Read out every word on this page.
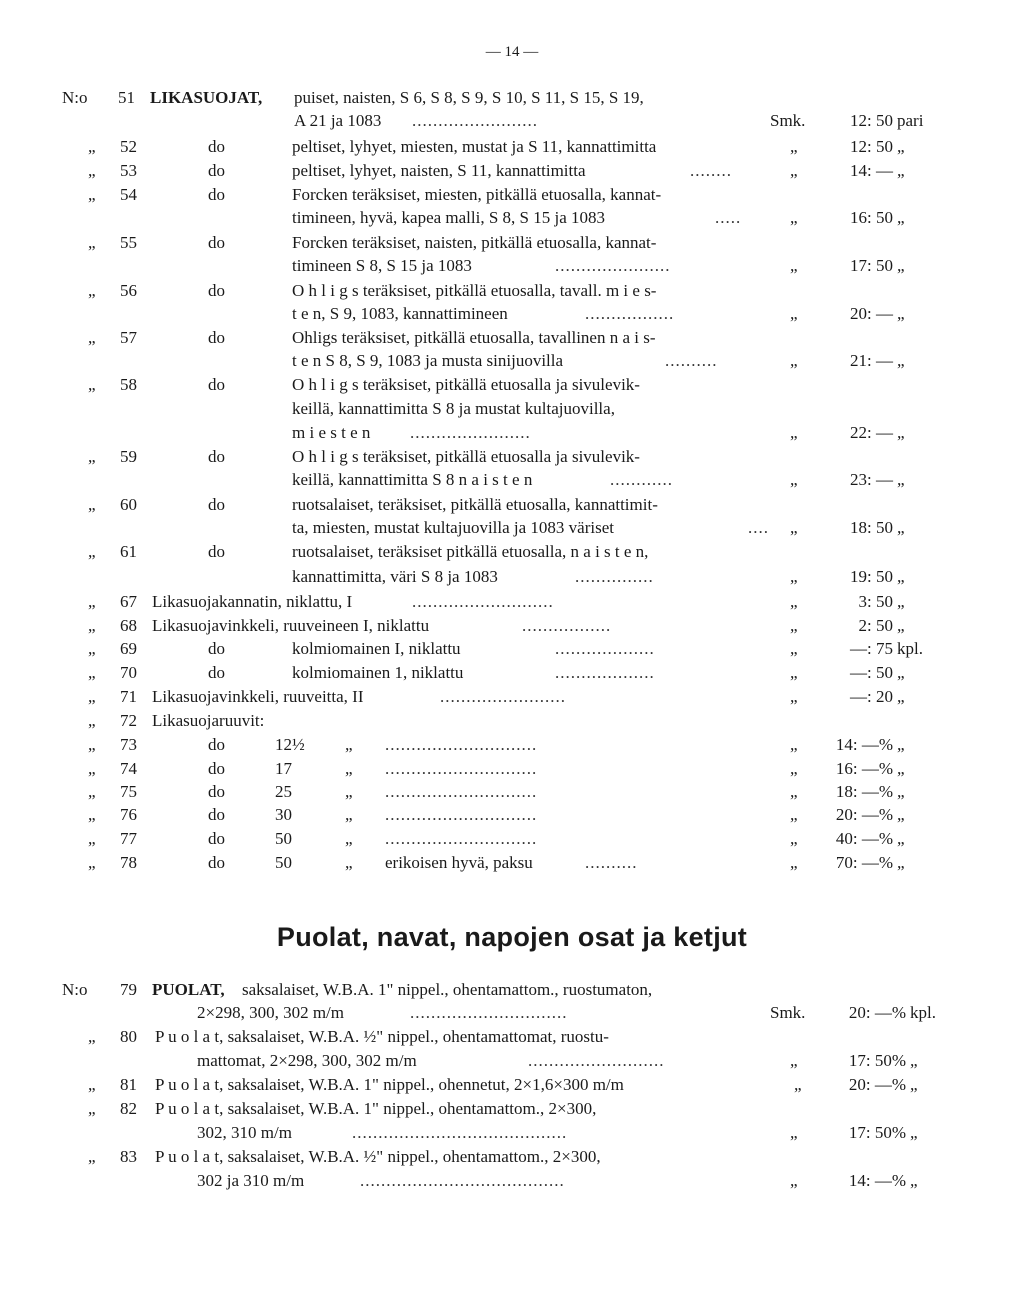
— 14 —
N:o 51 LIKASUOJAT, puiset, naisten, S 6, S 8, S 9, S 10, S 11, S 15, S 19,
A 21 ja 1083 ........................	Smk.	12: 50 pari
„ 52	do	peltiset, lyhyet, miesten, mustat ja S 11, kannattimitta	„	12: 50 „
„ 53	do	peltiset, lyhyet, naisten, S 11, kannattimitta	........	„	14: — „
„ 54	do	Forcken teräksiset, miesten, pitkällä etuosalla, kannat-
timineen, hyvä, kapea malli, S 8, S 15 ja 1083	.....	„	16: 50 „
„ 55	do	Forcken teräksiset, naisten, pitkällä etuosalla, kannat-
timineen S 8, S 15 ja 1083	......................	„	17: 50 „
„ 56	do	O h l i g s teräksiset, pitkällä etuosalla, tavall. m i e s-
t e n, S 9, 1083, kannattimineen	.................	„	20: — „
„ 57	do	Ohligs teräksiset, pitkällä etuosalla, tavallinen n a i s-
t e n S 8, S 9, 1083 ja musta sinijuovilla	..........	„	21: — „
„ 58	do	O h l i g s teräksiset, pitkällä etuosalla ja sivulevik-
keillä, kannattimitta S 8 ja mustat kultajuovilla,
m i e s t e n .......................	„	22: — „
„ 59	do	O h l i g s teräksiset, pitkällä etuosalla ja sivulevik-
keillä, kannattimitta S 8 n a i s t e n	............	„	23: — „
„ 60	do	ruotsalaiset, teräksiset, pitkällä etuosalla, kannattimit-
ta, miesten, mustat kultajuovilla ja 1083 väriset	.... „	18: 50 „
„ 61	do	ruotsalaiset, teräksiset pitkällä etuosalla, n a i s t e n,
kannattimitta, väri S 8 ja 1083	...............	„	19: 50 „
„ 67 Likasuojakannatin, niklattu, I	...........................	„	3: 50 „
„ 68 Likasuojavinkkeli, ruuveineen I, niklattu	.................	„	2: 50 „
„ 69	do	kolmiomainen I, niklattu	...................	„	—: 75 kpl.
„ 70	do	kolmiomainen 1, niklattu	...................	„	—: 50 „
„ 71 Likasuojavinkkeli, ruuveitta, II	........................	„	—: 20 „
„ 72 Likasuojaruuvit:
„ 73	do	12½ „ .............................	„	14: —% „
„ 74	do	17	„ .............................	„	16: —% „
„ 75	do	25	„ .............................	„	18: —% „
„ 76	do	30	„ .............................	„	20: —% „
„ 77	do	50	„ .............................	„	40: —% „
„ 78	do	50	„ erikoisen hyvä, paksu	..........	„	70: —% „
Puolat, navat, napojen osat ja ketjut
N:o 79 PUOLAT, saksalaiset, W.B.A. 1" nippel., ohentamattom., ruostumaton,
2×298, 300, 302 m/m	..............................	Smk.	20: —% kpl.
„ 80 P u o l a t, saksalaiset, W.B.A. ½" nippel., ohentamattomat, ruostu-
mattomat, 2×298, 300, 302 m/m	..........................	„	17: 50% „
„ 81 P u o l a t, saksalaiset, W.B.A. 1" nippel., ohennetut, 2×1,6×300 m/m	„	20: —% „
„ 82 P u o l a t, saksalaiset, W.B.A. 1" nippel., ohentamattom., 2×300,
302, 310 m/m	.........................................	„	17: 50% „
„ 83 P u o l a t, saksalaiset, W.B.A. ½" nippel., ohentamattom., 2×300,
302 ja 310 m/m	.......................................	„	14: —% „
